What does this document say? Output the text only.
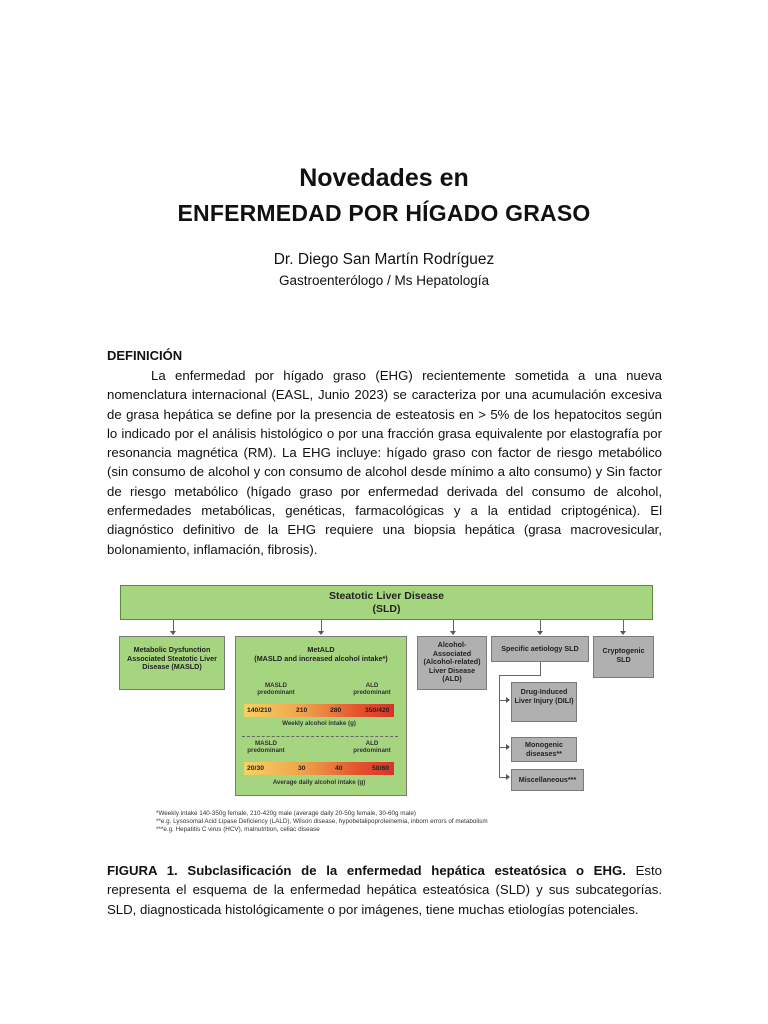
Novedades en
ENFERMEDAD POR HÍGADO GRASO
Dr. Diego San Martín Rodríguez
Gastroenterólogo / Ms Hepatología
DEFINICIÓN

La enfermedad por hígado graso (EHG) recientemente sometida a una nueva nomenclatura internacional (EASL, Junio 2023) se caracteriza por una acumulación excesiva de grasa hepática se define por la presencia de esteatosis en > 5% de los hepatocitos según lo indicado por el análisis histológico o por una fracción grasa equivalente por elastografía por resonancia magnética (RM). La EHG incluye: hígado graso con factor de riesgo metabólico (sin consumo de alcohol y con consumo de alcohol desde mínimo a alto consumo) y Sin factor de riesgo metabólico (hígado graso por enfermedad derivada del consumo de alcohol, enfermedades metabólicas, genéticas, farmacológicas y a la entidad criptogénica). El diagnóstico definitivo de la EHG requiere una biopsia hepática (grasa macrovesicular, bolonamiento, inflamación, fibrosis).

Steatotic Liver Disease
(SLD)
Metabolic Dysfunction Associated Steatotic Liver Disease (MASLD)
MetALD
(MASLD and increased alcohol intake*)
MASLD predominant
ALD predominant
140/210	210	280	350/420
Weekly alcohol intake (g)
MASLD predominant
ALD predominant
20/30	30	40	50/60
Average daily alcohol intake (g)
Alcohol-Associated (Alcohol-related) Liver Disease (ALD)
Specific aetiology SLD	Cryptogenic SLD
Drug-Induced Liver Injury (DILI)
Monogenic diseases**
Miscellaneous***
*Weekly intake 140-350g female, 210-420g male (average daily 20-50g female, 30-60g male)
**e.g. Lysosomal Acid Lipase Deficiency (LALD), Wilson disease, hypobetalipoproteinemia, inborn errors of metabolism
***e.g. Hepatitis C virus (HCV), malnutrition, celiac disease

FIGURA 1. Subclasificación de la enfermedad hepática esteatósica o EHG. Esto representa el esquema de la enfermedad hepática esteatósica (SLD) y sus subcategorías. SLD, diagnosticada histológicamente o por imágenes, tiene muchas etiologías potenciales.
